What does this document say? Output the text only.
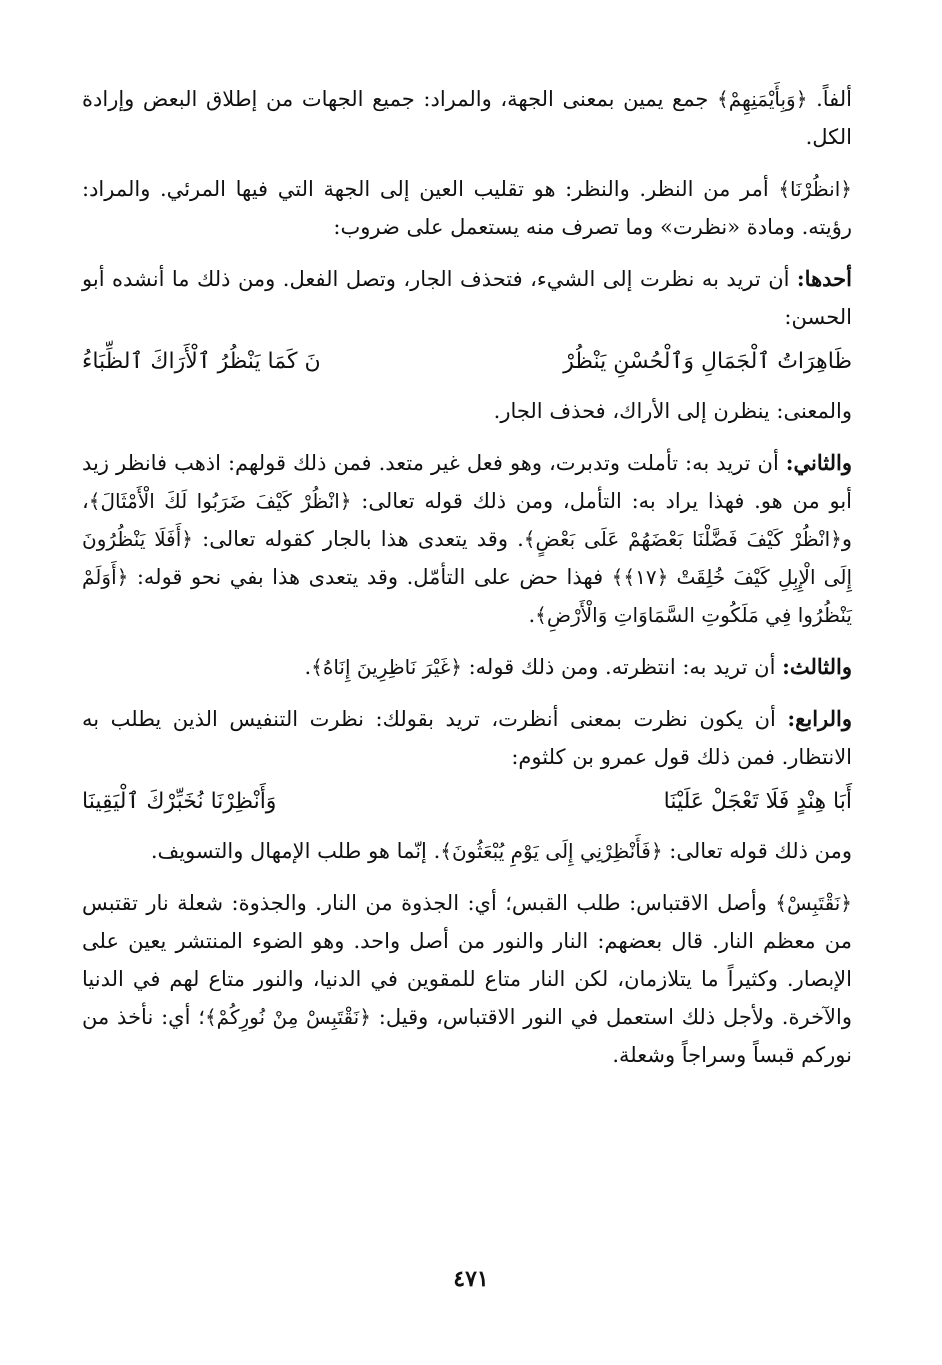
ألفاً. ﴿وَبِأَيْمَنِهِمْ﴾ جمع يمين بمعنى الجهة، والمراد: جميع الجهات من إطلاق البعض وإرادة الكل.

﴿انظُرْنَا﴾ أمر من النظر. والنظر: هو تقليب العين إلى الجهة التي فيها المرئي. والمراد: رؤيته. ومادة «نظرت» وما تصرف منه يستعمل على ضروب:

أحدها: أن تريد به نظرت إلى الشيء، فتحذف الجار، وتصل الفعل. ومن ذلك ما أنشده أبو الحسن:

ظَاهِرَاتُ ٱلْجَمَالِ وَٱلْحُسْنِ يَنْظُرْ
نَ كَمَا يَنْظُرُ ٱلْأَرَاكَ ٱلظِّبَاءُ

والمعنى: ينظرن إلى الأراك، فحذف الجار.

والثاني: أن تريد به: تأملت وتدبرت، وهو فعل غير متعد. فمن ذلك قولهم: اذهب فانظر زيد أبو من هو. فهذا يراد به: التأمل، ومن ذلك قوله تعالى: ﴿انْظُرْ كَيْفَ ضَرَبُوا لَكَ الْأَمْثَالَ﴾، و﴿انْظُرْ كَيْفَ فَضَّلْنَا بَعْضَهُمْ عَلَى بَعْضٍ﴾. وقد يتعدى هذا بالجار كقوله تعالى: ﴿أَفَلَا يَنْظُرُونَ إِلَى الْإِبِلِ كَيْفَ خُلِقَتْ ﴿١٧﴾﴾ فهذا حض على التأمّل. وقد يتعدى هذا بفي نحو قوله: ﴿أَوَلَمْ يَنْظُرُوا فِي مَلَكُوتِ السَّمَاوَاتِ وَالْأَرْضِ﴾.

والثالث: أن تريد به: انتظرته. ومن ذلك قوله: ﴿غَيْرَ نَاظِرِينَ إِنَاهُ﴾.

والرابع: أن يكون نظرت بمعنى أنظرت، تريد بقولك: نظرت التنفيس الذين يطلب به الانتظار. فمن ذلك قول عمرو بن كلثوم:

أَبَا هِنْدٍ فَلَا تَعْجَلْ عَلَيْنَا
وَأَنْظِرْنَا نُخَبِّرْكَ ٱلْيَقِينَا

ومن ذلك قوله تعالى: ﴿فَأَنْظِرْنِي إِلَى يَوْمِ يُبْعَثُونَ﴾. إنّما هو طلب الإمهال والتسويف.

﴿نَقْتَبِسْ﴾ وأصل الاقتباس: طلب القبس؛ أي: الجذوة من النار. والجذوة: شعلة نار تقتبس من معظم النار. قال بعضهم: النار والنور من أصل واحد. وهو الضوء المنتشر يعين على الإبصار. وكثيراً ما يتلازمان، لكن النار متاع للمقوين في الدنيا، والنور متاع لهم في الدنيا والآخرة. ولأجل ذلك استعمل في النور الاقتباس، وقيل: ﴿نَقْتَبِسْ مِنْ نُورِكُمْ﴾؛ أي: نأخذ من نوركم قبساً وسراجاً وشعلة.

٤٧١
